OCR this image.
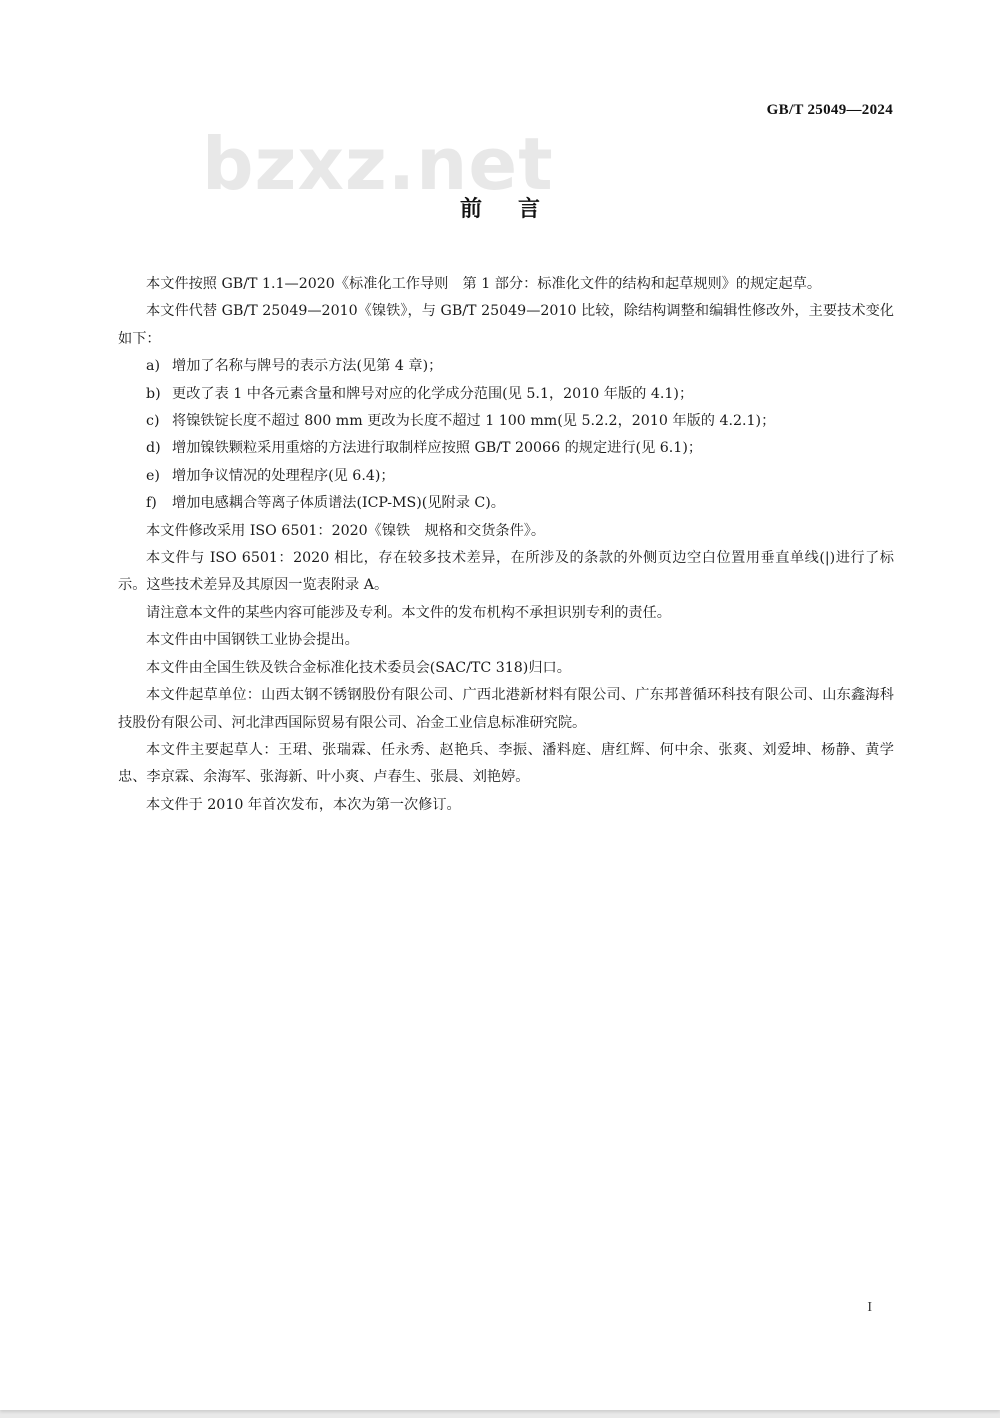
GB/T 25049—2024
bzxz.net
前言

本文件按照 GB/T 1.1—2020《标准化工作导则　第 1 部分：标准化文件的结构和起草规则》的规定起草。

本文件代替 GB/T 25049—2010《镍铁》，与 GB/T 25049—2010 比较，除结构调整和编辑性修改外，主要技术变化如下：

a) 增加了名称与牌号的表示方法(见第 4 章)；
b) 更改了表 1 中各元素含量和牌号对应的化学成分范围(见 5.1，2010 年版的 4.1)；
c) 将镍铁锭长度不超过 800 mm 更改为长度不超过 1 100 mm(见 5.2.2，2010 年版的 4.2.1)；
d) 增加镍铁颗粒采用重熔的方法进行取制样应按照 GB/T 20066 的规定进行(见 6.1)；
e) 增加争议情况的处理程序(见 6.4)；
f)	增加电感耦合等离子体质谱法(ICP-MS)(见附录 C)。

本文件修改采用 ISO 6501：2020《镍铁　规格和交货条件》。

本文件与 ISO 6501：2020 相比，存在较多技术差异，在所涉及的条款的外侧页边空白位置用垂直单线(|)进行了标示。这些技术差异及其原因一览表附录 A。

请注意本文件的某些内容可能涉及专利。本文件的发布机构不承担识别专利的责任。

本文件由中国钢铁工业协会提出。

本文件由全国生铁及铁合金标准化技术委员会(SAC/TC 318)归口。

本文件起草单位：山西太钢不锈钢股份有限公司、广西北港新材料有限公司、广东邦普循环科技有限公司、山东鑫海科技股份有限公司、河北津西国际贸易有限公司、冶金工业信息标准研究院。

本文件主要起草人：王珺、张瑞霖、任永秀、赵艳兵、李振、潘料庭、唐红辉、何中余、张爽、刘爱坤、杨静、黄学忠、李京霖、余海军、张海新、叶小爽、卢春生、张晨、刘艳婷。

本文件于 2010 年首次发布，本次为第一次修订。

I
